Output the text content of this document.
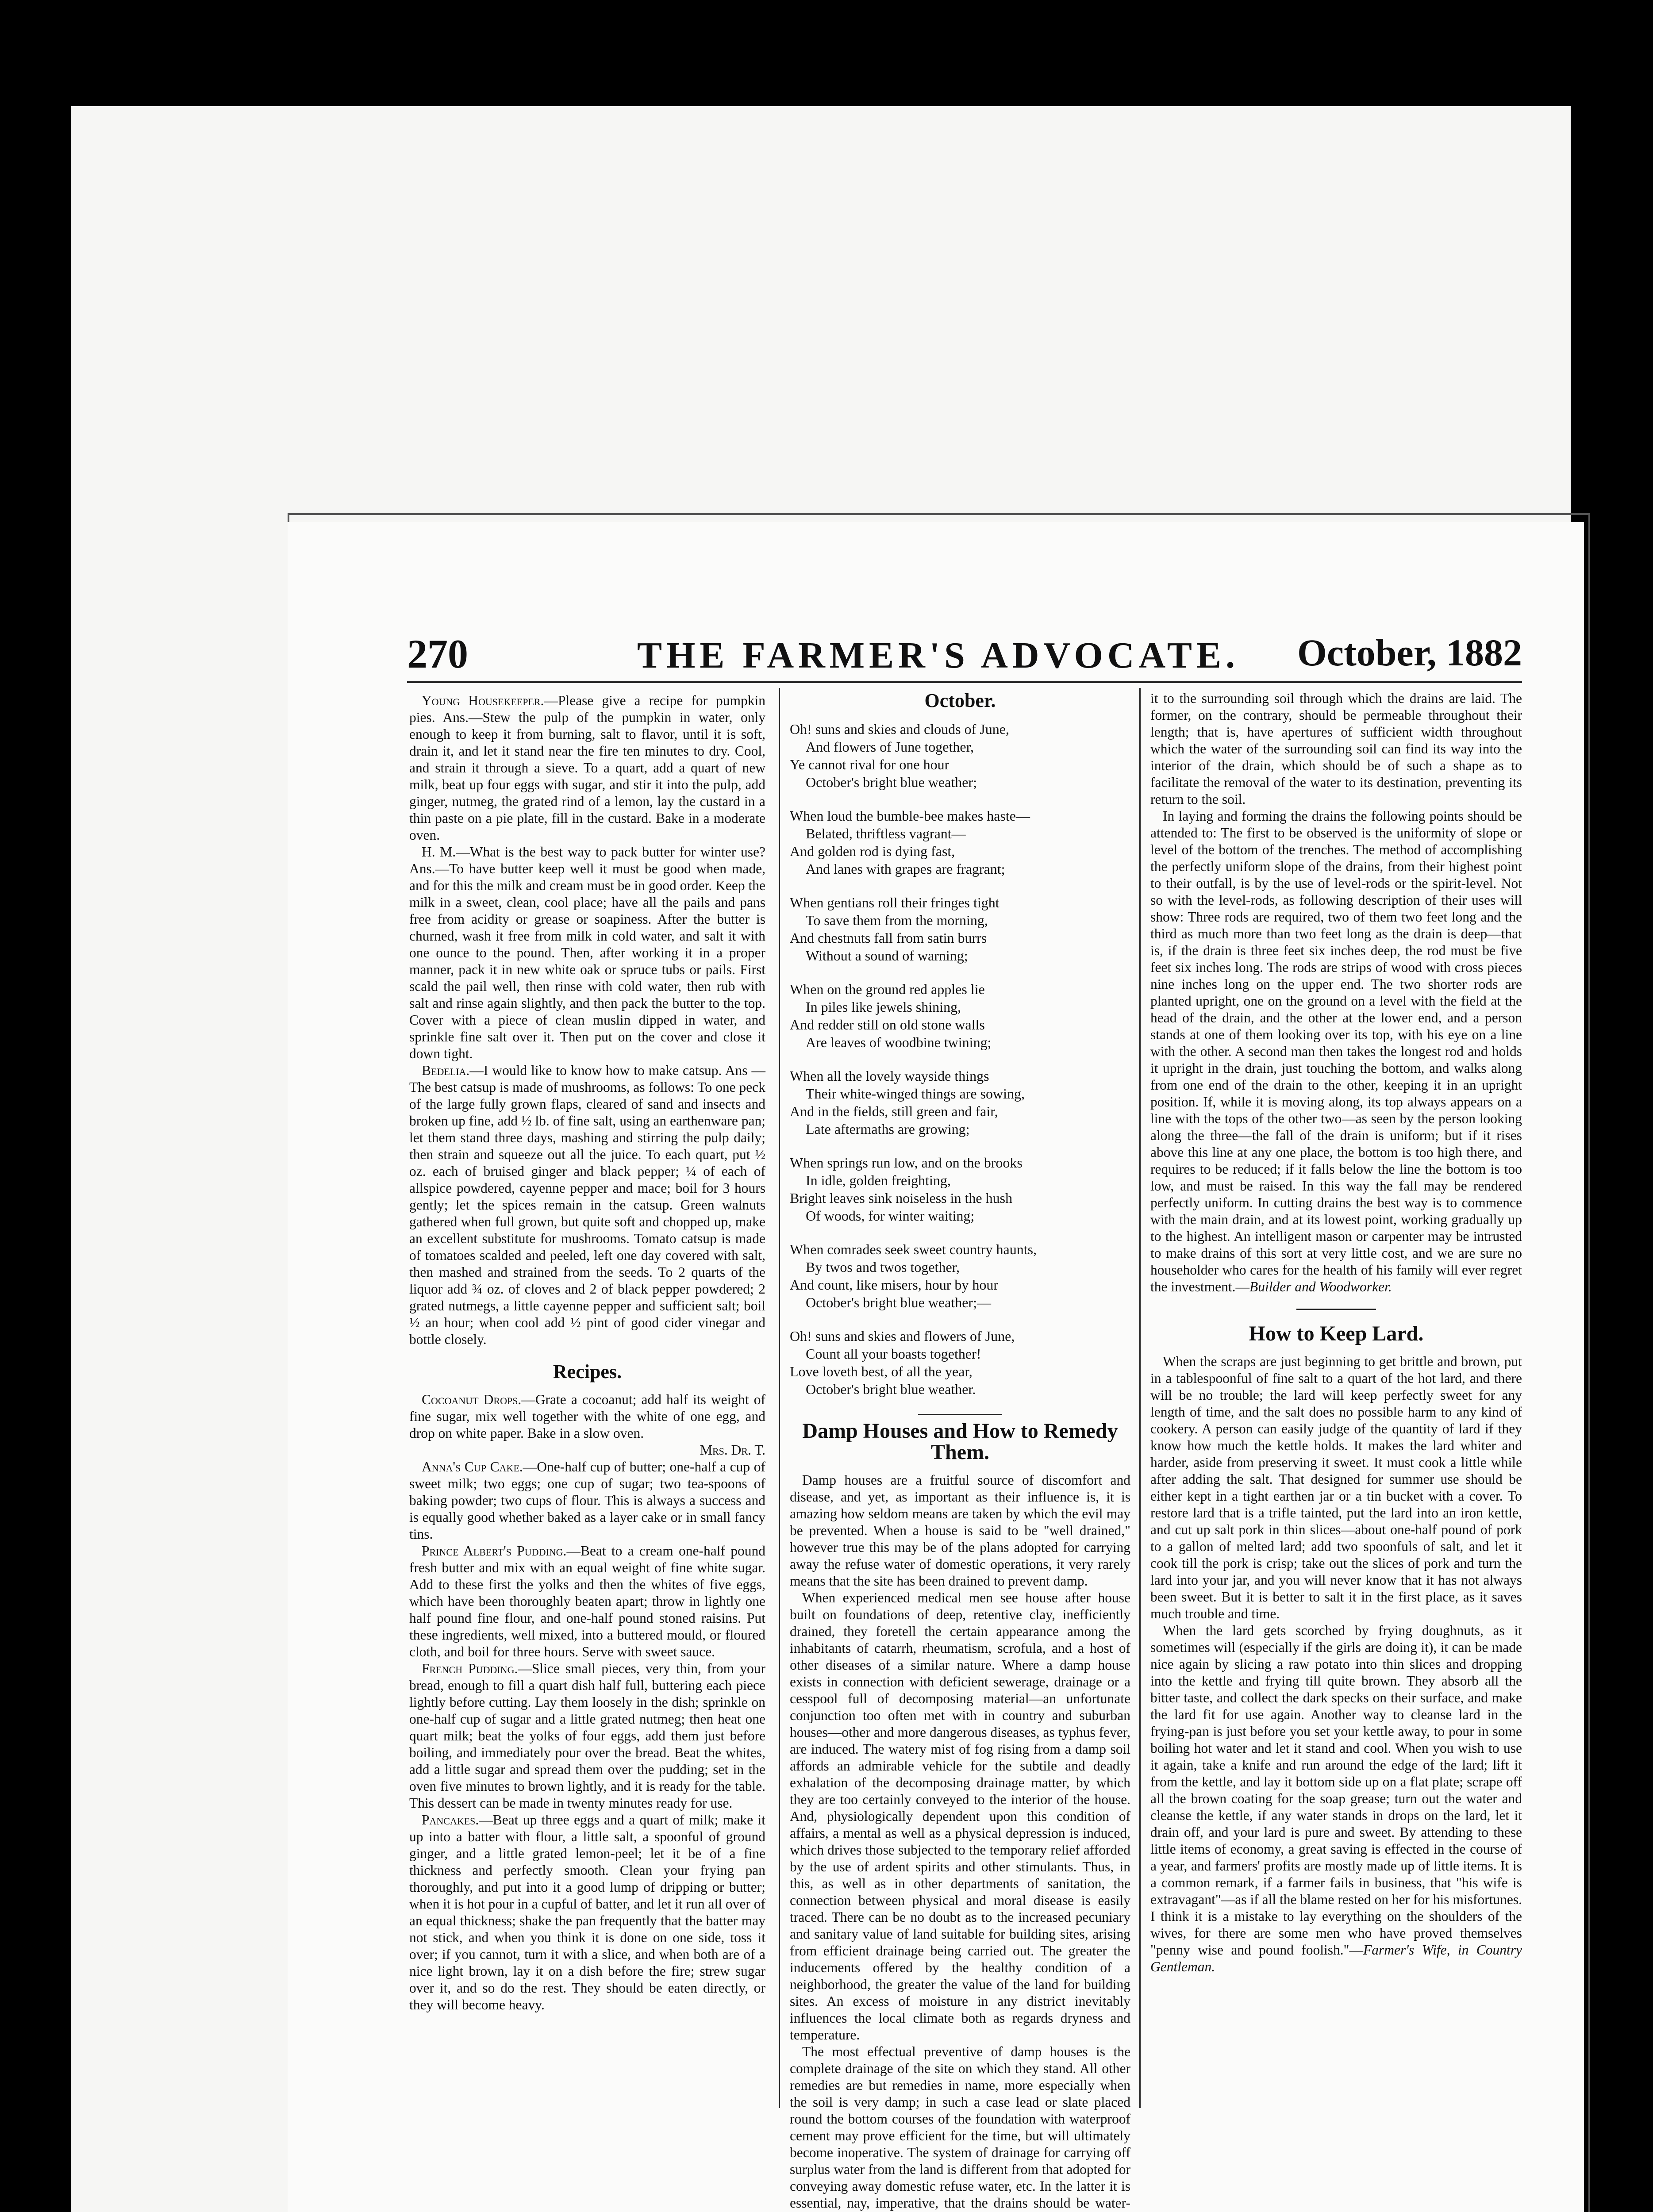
270	THE FARMER'S ADVOCATE. October, 1882

Young Housekeeper.—Please give a recipe for pumpkin pies. Ans.—Stew the pulp of the pumpkin in water, only enough to keep it from burning, salt to flavor, until it is soft, drain it, and let it stand near the fire ten minutes to dry. Cool, and strain it through a sieve. To a quart, add a quart of new milk, beat up four eggs with sugar, and stir it into the pulp, add ginger, nutmeg, the grated rind of a lemon, lay the custard in a thin paste on a pie plate, fill in the custard. Bake in a moderate oven.

H. M.—What is the best way to pack butter for winter use? Ans.—To have butter keep well it must be good when made, and for this the milk and cream must be in good order. Keep the milk in a sweet, clean, cool place; have all the pails and pans free from acidity or grease or soapiness. After the butter is churned, wash it free from milk in cold water, and salt it with one ounce to the pound. Then, after working it in a proper manner, pack it in new white oak or spruce tubs or pails. First scald the pail well, then rinse with cold water, then rub with salt and rinse again slightly, and then pack the butter to the top. Cover with a piece of clean muslin dipped in water, and sprinkle fine salt over it. Then put on the cover and close it down tight.

Bedelia.—I would like to know how to make catsup. Ans —The best catsup is made of mushrooms, as follows: To one peck of the large fully grown flaps, cleared of sand and insects and broken up fine, add ½ lb. of fine salt, using an earthenware pan; let them stand three days, mashing and stirring the pulp daily; then strain and squeeze out all the juice. To each quart, put ½ oz. each of bruised ginger and black pepper; ¼ of each of allspice powdered, cayenne pepper and mace; boil for 3 hours gently; let the spices remain in the catsup. Green walnuts gathered when full grown, but quite soft and chopped up, make an excellent substitute for mushrooms. Tomato catsup is made of tomatoes scalded and peeled, left one day covered with salt, then mashed and strained from the seeds. To 2 quarts of the liquor add ¾ oz. of cloves and 2 of black pepper powdered; 2 grated nutmegs, a little cayenne pepper and sufficient salt; boil ½ an hour; when cool add ½ pint of good cider vinegar and bottle closely.

Recipes.

Cocoanut Drops.—Grate a cocoanut; add half its weight of fine sugar, mix well together with the white of one egg, and drop on white paper. Bake in a slow oven.

Mrs. Dr. T.

Anna's Cup Cake.—One-half cup of butter; one-half a cup of sweet milk; two eggs; one cup of sugar; two tea-spoons of baking powder; two cups of flour. This is always a success and is equally good whether baked as a layer cake or in small fancy tins.

Prince Albert's Pudding.—Beat to a cream one-half pound fresh butter and mix with an equal weight of fine white sugar. Add to these first the yolks and then the whites of five eggs, which have been thoroughly beaten apart; throw in lightly one half pound fine flour, and one-half pound stoned raisins. Put these ingredients, well mixed, into a buttered mould, or floured cloth, and boil for three hours. Serve with sweet sauce.

French Pudding.—Slice small pieces, very thin, from your bread, enough to fill a quart dish half full, buttering each piece lightly before cutting. Lay them loosely in the dish; sprinkle on one-half cup of sugar and a little grated nutmeg; then heat one quart milk; beat the yolks of four eggs, add them just before boiling, and immediately pour over the bread. Beat the whites, add a little sugar and spread them over the pudding; set in the oven five minutes to brown lightly, and it is ready for the table. This dessert can be made in twenty minutes ready for use.

Pancakes.—Beat up three eggs and a quart of milk; make it up into a batter with flour, a little salt, a spoonful of ground ginger, and a little grated lemon-peel; let it be of a fine thickness and perfectly smooth. Clean your frying pan thoroughly, and put into it a good lump of dripping or butter; when it is hot pour in a cupful of batter, and let it run all over of an equal thickness; shake the pan frequently that the batter may not stick, and when you think it is done on one side, toss it over; if you cannot, turn it with a slice, and when both are of a nice light brown, lay it on a dish before the fire; strew sugar over it, and so do the rest. They should be eaten directly, or they will become heavy.

October.
Oh! suns and skies and clouds of June,
And flowers of June together,
Ye cannot rival for one hour
October's bright blue weather;
When loud the bumble-bee makes haste—
Belated, thriftless vagrant—
And golden rod is dying fast,
And lanes with grapes are fragrant;
When gentians roll their fringes tight
To save them from the morning,
And chestnuts fall from satin burrs
Without a sound of warning;
When on the ground red apples lie
In piles like jewels shining,
And redder still on old stone walls
Are leaves of woodbine twining;
When all the lovely wayside things
Their white-winged things are sowing,
And in the fields, still green and fair,
Late aftermaths are growing;
When springs run low, and on the brooks
In idle, golden freighting,
Bright leaves sink noiseless in the hush
Of woods, for winter waiting;
When comrades seek sweet country haunts,
By twos and twos together,
And count, like misers, hour by hour
October's bright blue weather;—
Oh! suns and skies and flowers of June,
Count all your boasts together!
Love loveth best, of all the year,
October's bright blue weather.
Damp Houses and How to Remedy Them.

Damp houses are a fruitful source of discomfort and disease, and yet, as important as their influence is, it is amazing how seldom means are taken by which the evil may be prevented. When a house is said to be "well drained," however true this may be of the plans adopted for carrying away the refuse water of domestic operations, it very rarely means that the site has been drained to prevent damp.

When experienced medical men see house after house built on foundations of deep, retentive clay, inefficiently drained, they foretell the certain appearance among the inhabitants of catarrh, rheumatism, scrofula, and a host of other diseases of a similar nature. Where a damp house exists in connection with deficient sewerage, drainage or a cesspool full of decomposing material—an unfortunate conjunction too often met with in country and suburban houses—other and more dangerous diseases, as typhus fever, are induced. The watery mist of fog rising from a damp soil affords an admirable vehicle for the subtile and deadly exhalation of the decomposing drainage matter, by which they are too certainly conveyed to the interior of the house. And, physiologically dependent upon this condition of affairs, a mental as well as a physical depression is induced, which drives those subjected to the temporary relief afforded by the use of ardent spirits and other stimulants. Thus, in this, as well as in other departments of sanitation, the connection between physical and moral disease is easily traced. There can be no doubt as to the increased pecuniary and sanitary value of land suitable for building sites, arising from efficient drainage being carried out. The greater the inducements offered by the healthy condition of a neighborhood, the greater the value of the land for building sites. An excess of moisture in any district inevitably influences the local climate both as regards dryness and temperature.

The most effectual preventive of damp houses is the complete drainage of the site on which they stand. All other remedies are but remedies in name, more especially when the soil is very damp; in such a case lead or slate placed round the bottom courses of the foundation with waterproof cement may prove efficient for the time, but will ultimately become inoperative. The system of drainage for carrying off surplus water from the land is different from that adopted for conveying away domestic refuse water, etc. In the latter it is essential, nay, imperative, that the drains should be water-

it to the surrounding soil through which the drains are laid. The former, on the contrary, should be permeable throughout their length; that is, have apertures of sufficient width throughout which the water of the surrounding soil can find its way into the interior of the drain, which should be of such a shape as to facilitate the removal of the water to its destination, preventing its return to the soil.

In laying and forming the drains the following points should be attended to: The first to be observed is the uniformity of slope or level of the bottom of the trenches. The method of accomplishing the perfectly uniform slope of the drains, from their highest point to their outfall, is by the use of level-rods or the spirit-level. Not so with the level-rods, as following description of their uses will show: Three rods are required, two of them two feet long and the third as much more than two feet long as the drain is deep—that is, if the drain is three feet six inches deep, the rod must be five feet six inches long. The rods are strips of wood with cross pieces nine inches long on the upper end. The two shorter rods are planted upright, one on the ground on a level with the field at the head of the drain, and the other at the lower end, and a person stands at one of them looking over its top, with his eye on a line with the other. A second man then takes the longest rod and holds it upright in the drain, just touching the bottom, and walks along from one end of the drain to the other, keeping it in an upright position. If, while it is moving along, its top always appears on a line with the tops of the other two—as seen by the person looking along the three—the fall of the drain is uniform; but if it rises above this line at any one place, the bottom is too high there, and requires to be reduced; if it falls below the line the bottom is too low, and must be raised. In this way the fall may be rendered perfectly uniform. In cutting drains the best way is to commence with the main drain, and at its lowest point, working gradually up to the highest. An intelligent mason or carpenter may be intrusted to make drains of this sort at very little cost, and we are sure no householder who cares for the health of his family will ever regret the investment.—Builder and Woodworker.

How to Keep Lard.

When the scraps are just beginning to get brittle and brown, put in a tablespoonful of fine salt to a quart of the hot lard, and there will be no trouble; the lard will keep perfectly sweet for any length of time, and the salt does no possible harm to any kind of cookery. A person can easily judge of the quantity of lard if they know how much the kettle holds. It makes the lard whiter and harder, aside from preserving it sweet. It must cook a little while after adding the salt. That designed for summer use should be either kept in a tight earthen jar or a tin bucket with a cover. To restore lard that is a trifle tainted, put the lard into an iron kettle, and cut up salt pork in thin slices—about one-half pound of pork to a gallon of melted lard; add two spoonfuls of salt, and let it cook till the pork is crisp; take out the slices of pork and turn the lard into your jar, and you will never know that it has not always been sweet. But it is better to salt it in the first place, as it saves much trouble and time.

When the lard gets scorched by frying doughnuts, as it sometimes will (especially if the girls are doing it), it can be made nice again by slicing a raw potato into thin slices and dropping into the kettle and frying till quite brown. They absorb all the bitter taste, and collect the dark specks on their surface, and make the lard fit for use again. Another way to cleanse lard in the frying-pan is just before you set your kettle away, to pour in some boiling hot water and let it stand and cool. When you wish to use it again, take a knife and run around the edge of the lard; lift it from the kettle, and lay it bottom side up on a flat plate; scrape off all the brown coating for the soap grease; turn out the water and cleanse the kettle, if any water stands in drops on the lard, let it drain off, and your lard is pure and sweet. By attending to these little items of economy, a great saving is effected in the course of a year, and farmers' profits are mostly made up of little items. It is a common remark, if a farmer fails in business, that "his wife is extravagant"—as if all the blame rested on her for his misfortunes. I think it is a mistake to lay everything on the shoulders of the wives, for there are some men who have proved themselves "penny wise and pound foolish."—Farmer's Wife, in Country Gentleman.
